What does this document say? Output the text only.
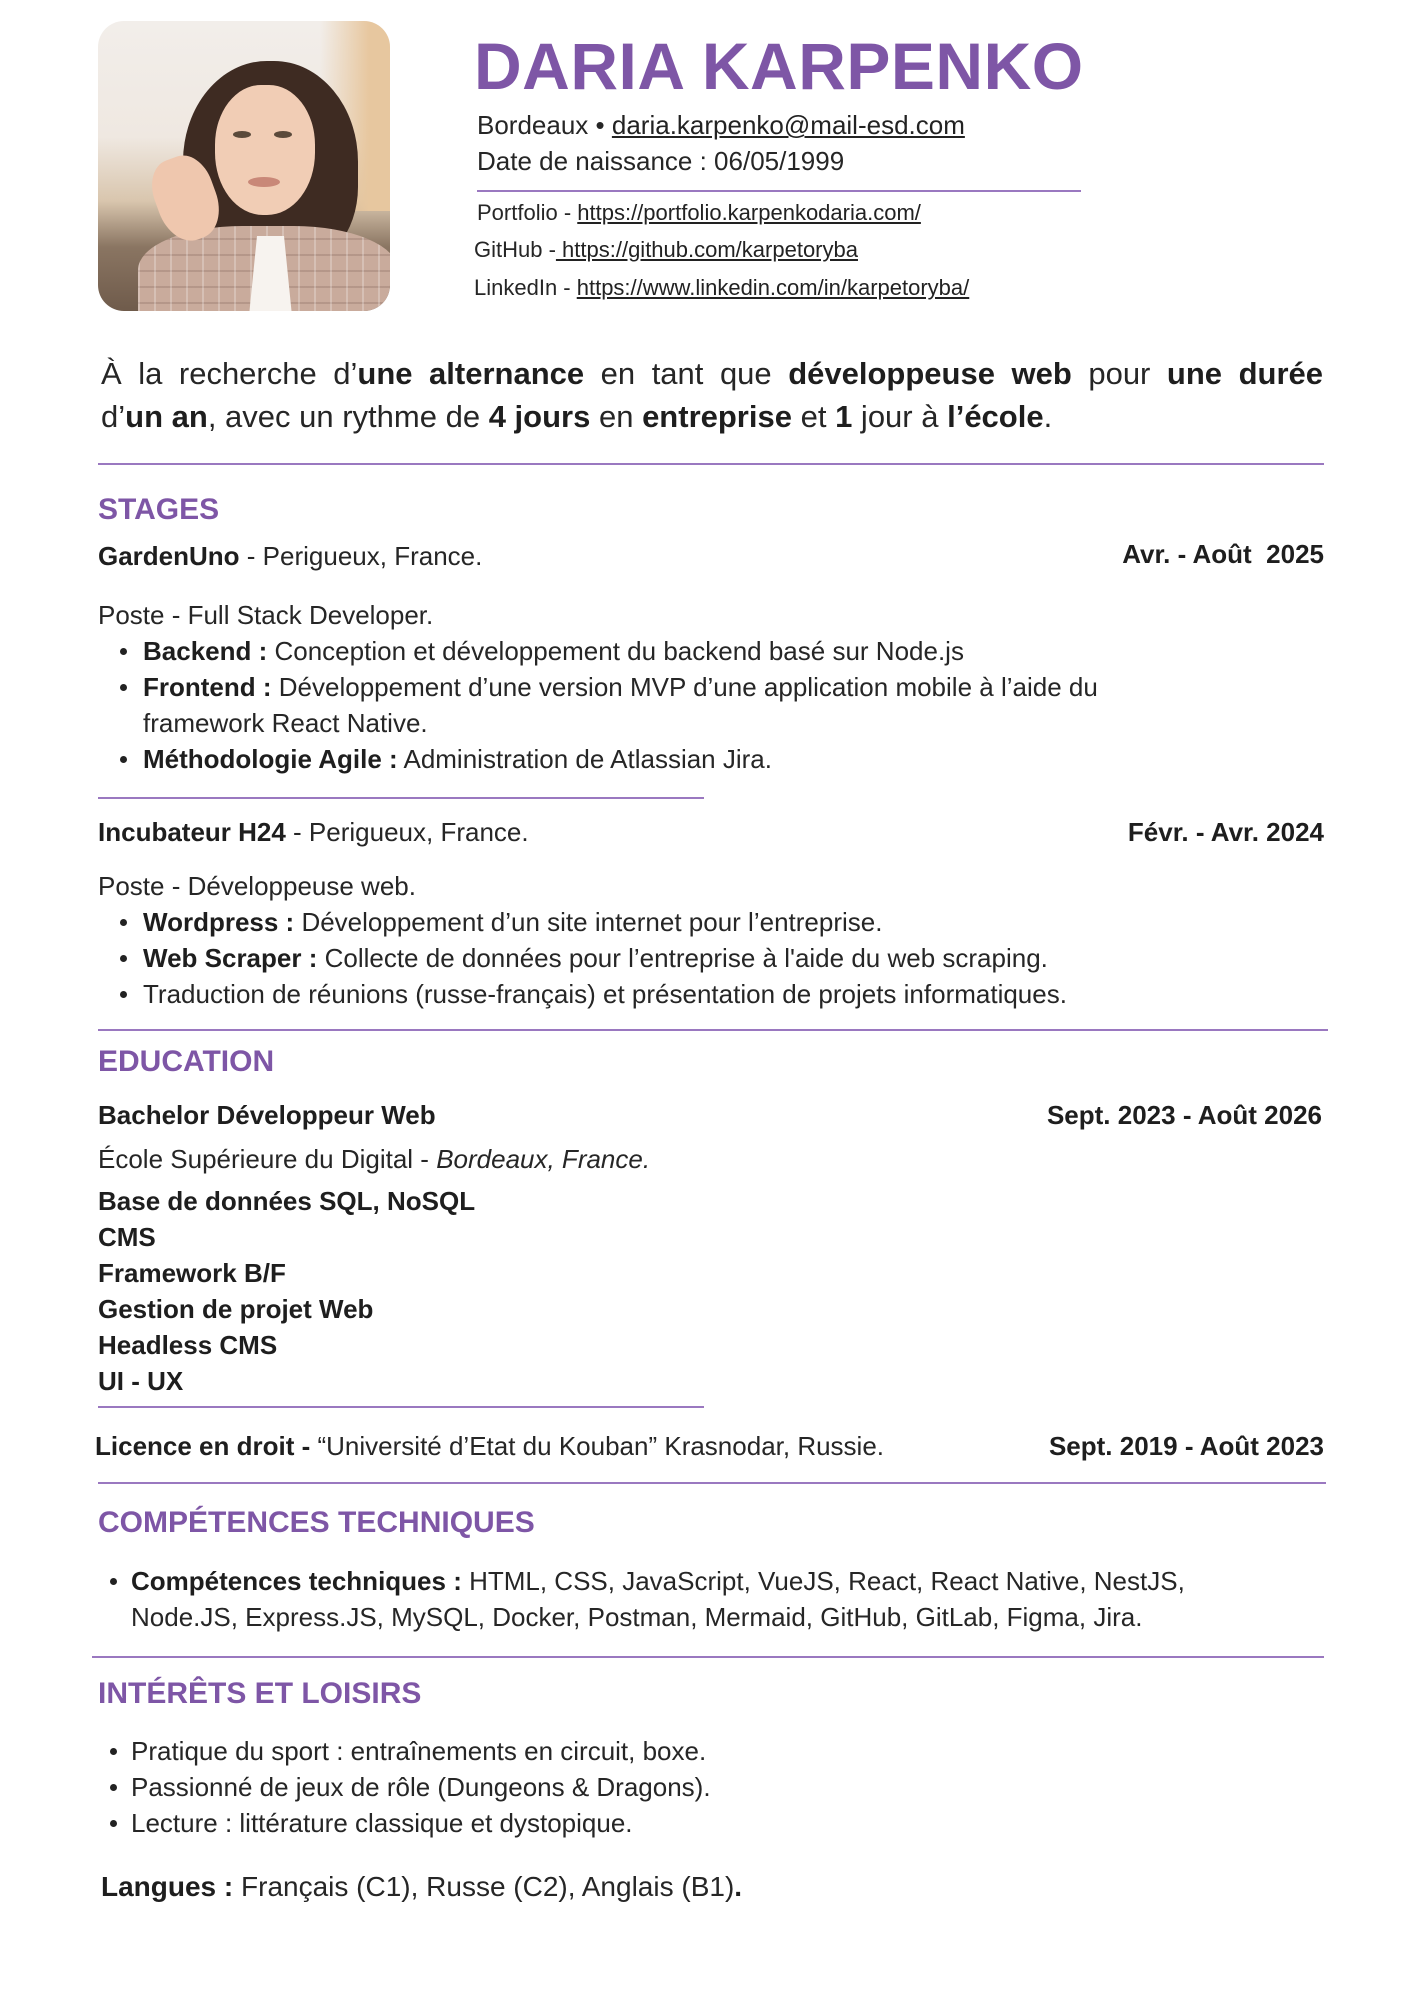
DARIA KARPENKO
Bordeaux • daria.karpenko@mail-esd.com
Date de naissance : 06/05/1999
Portfolio - https://portfolio.karpenkodaria.com/
GitHub - https://github.com/karpetoryba
LinkedIn - https://www.linkedin.com/in/karpetoryba/
À la recherche d’une alternance en tant que développeuse web pour une durée
d’un an, avec un rythme de 4 jours en entreprise et 1 jour à l’école.
STAGES
GardenUno - Perigueux, France.	Avr. - Août  2025
Poste - Full Stack Developer.
Backend : Conception et développement du backend basé sur Node.js
Frontend : Développement d’une version MVP d’une application mobile à l’aide du framework React Native.
Méthodologie Agile : Administration de Atlassian Jira.
Incubateur H24 - Perigueux, France.	Févr. - Avr. 2024
Poste - Développeuse web.
Wordpress : Développement d’un site internet pour l’entreprise.
Web Scraper : Collecte de données pour l’entreprise à l'aide du web scraping.
Traduction de réunions (russe-français) et présentation de projets informatiques.
EDUCATION
Bachelor Développeur Web	Sept. 2023 - Août 2026
École Supérieure du Digital - Bordeaux, France.
Base de données SQL, NoSQL
CMS
Framework B/F
Gestion de projet Web
Headless CMS
UI - UX
Licence en droit - “Université d’Etat du Kouban” Krasnodar, Russie.	Sept. 2019 - Août 2023
COMPÉTENCES TECHNIQUES
Compétences techniques : HTML, CSS, JavaScript, VueJS, React, React Native, NestJS,
Node.JS, Express.JS, MySQL, Docker, Postman, Mermaid, GitHub, GitLab, Figma, Jira.
INTÉRÊTS ET LOISIRS
Pratique du sport : entraînements en circuit, boxe.
Passionné de jeux de rôle (Dungeons & Dragons).
Lecture : littérature classique et dystopique.
Langues : Français (C1), Russe (C2), Anglais (B1).
